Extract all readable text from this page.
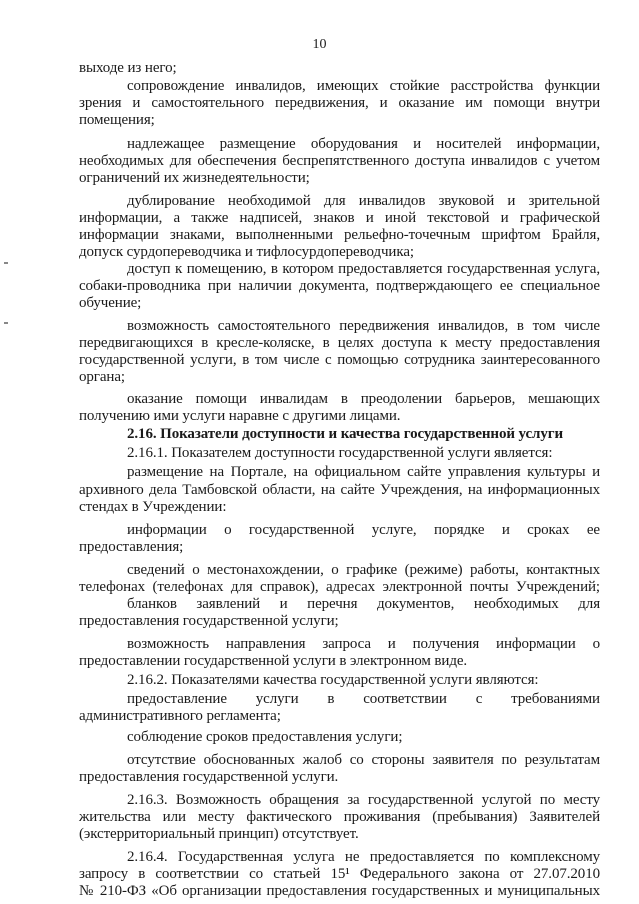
10
выходе из него;
сопровождение инвалидов, имеющих стойкие расстройства функции
зрения и самостоятельного передвижения, и оказание им помощи внутри
помещения;
надлежащее размещение оборудования и носителей информации,
необходимых для обеспечения беспрепятственного доступа инвалидов с учетом
ограничений их жизнедеятельности;
дублирование необходимой для инвалидов звуковой и зрительной
информации, а также надписей, знаков и иной текстовой и графической
информации знаками, выполненными рельефно-точечным шрифтом Брайля,
допуск сурдопереводчика и тифлосурдопереводчика;
доступ к помещению, в котором предоставляется государственная услуга,
собаки-проводника при наличии документа, подтверждающего ее специальное
обучение;
возможность самостоятельного передвижения инвалидов, в том числе
передвигающихся в кресле-коляске, в целях доступа к месту предоставления
государственной услуги, в том числе с помощью сотрудника заинтересованного
органа;
оказание помощи инвалидам в преодолении барьеров, мешающих
получению ими услуги наравне с другими лицами.
2.16. Показатели доступности и качества государственной услуги
2.16.1. Показателем доступности государственной услуги является:
размещение на Портале, на официальном сайте управления культуры и
архивного дела Тамбовской области, на сайте Учреждения, на информационных
стендах в Учреждении:
информации о государственной услуге, порядке и сроках ее
предоставления;
сведений о местонахождении, о графике (режиме) работы, контактных
телефонах (телефонах для справок), адресах электронной почты Учреждений;
бланков заявлений и перечня документов, необходимых для
предоставления государственной услуги;
возможность направления запроса и получения информации о
предоставлении государственной услуги в электронном виде.
2.16.2. Показателями качества государственной услуги являются:
предоставление услуги в соответствии с требованиями
административного регламента;
соблюдение сроков предоставления услуги;
отсутствие обоснованных жалоб со стороны заявителя по результатам
предоставления государственной услуги.
2.16.3. Возможность обращения за государственной услугой по месту
жительства или месту фактического проживания (пребывания) Заявителей
(экстерриториальный принцип) отсутствует.
2.16.4. Государственная услуга не предоставляется по комплексному
запросу в соответствии со статьей 15¹ Федерального закона от 27.07.2010
№ 210-ФЗ «Об организации предоставления государственных и муниципальных
